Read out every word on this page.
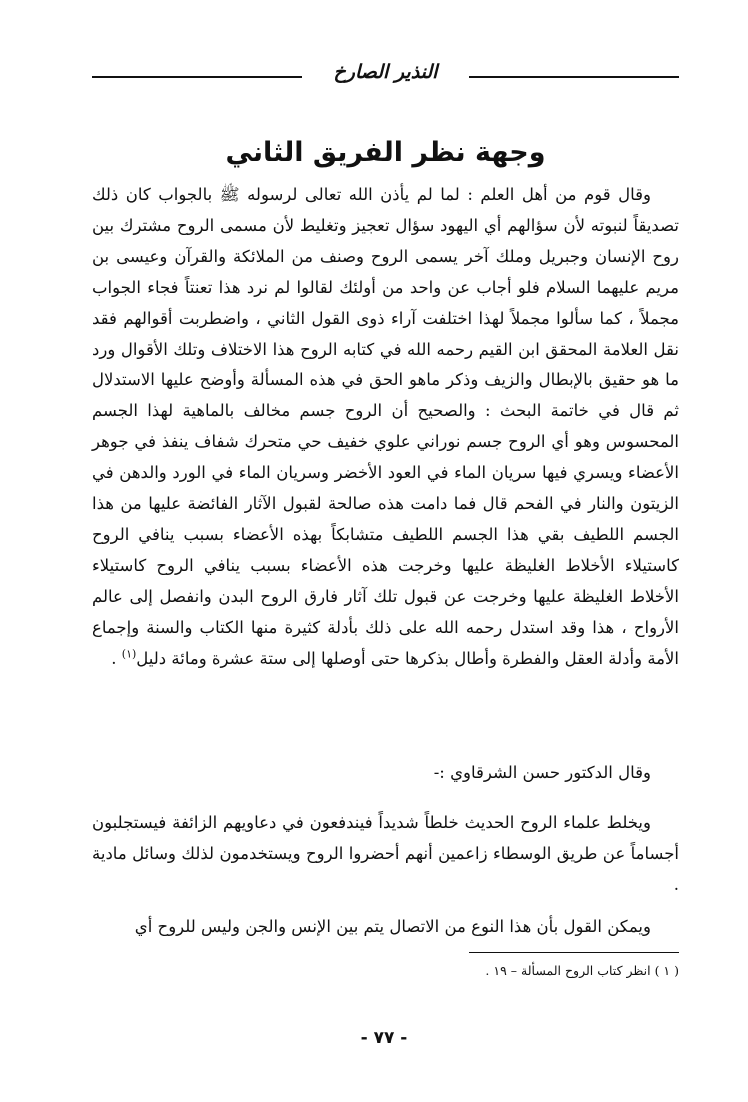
النذير الصارخ
وجهة نظر الفريق الثاني

وقال قوم من أهل العلم : لما لم يأذن الله تعالى لرسوله ﷺ بالجواب كان ذلك تصديقاً لنبوته لأن سؤالهم أي اليهود سؤال تعجيز وتغليط لأن مسمى الروح مشترك بين روح الإنسان وجبريل وملك آخر يسمى الروح وصنف من الملائكة والقرآن وعيسى بن مريم عليهما السلام فلو أجاب عن واحد من أولئك لقالوا لم نرد هذا تعنتاً فجاء الجواب مجملاً ، كما سألوا مجملاً لهذا اختلفت آراء ذوى القول الثاني ، واضطربت أقوالهم فقد نقل العلامة المحقق ابن القيم رحمه الله في كتابه الروح هذا الاختلاف وتلك الأقوال ورد ما هو حقيق بالإبطال والزيف وذكر ماهو الحق في هذه المسألة وأوضح عليها الاستدلال ثم قال في خاتمة البحث : والصحيح أن الروح جسم مخالف بالماهية لهذا الجسم المحسوس وهو أي الروح جسم نوراني علوي خفيف حي متحرك شفاف ينفذ في جوهر الأعضاء ويسري فيها سريان الماء في العود الأخضر وسريان الماء في الورد والدهن في الزيتون والنار في الفحم قال فما دامت هذه صالحة لقبول الآثار الفائضة عليها من هذا الجسم اللطيف بقي هذا الجسم اللطيف متشابكاً بهذه الأعضاء بسبب ينافي الروح كاستيلاء الأخلاط الغليظة عليها وخرجت هذه الأعضاء بسبب ينافي الروح كاستيلاء الأخلاط الغليظة عليها وخرجت عن قبول تلك آثار فارق الروح البدن وانفصل إلى عالم الأرواح ، هذا وقد استدل رحمه الله على ذلك بأدلة كثيرة منها الكتاب والسنة وإجماع الأمة وأدلة العقل والفطرة وأطال بذكرها حتى أوصلها إلى ستة عشرة ومائة دليل$^{(١)}$ .

وقال الدكتور حسن الشرقاوي :-

ويخلط علماء الروح الحديث خلطاً شديداً فيندفعون في دعاويهم الزائفة فيستجلبون أجساماً عن طريق الوسطاء زاعمين أنهم أحضروا الروح ويستخدمون لذلك وسائل مادية .

ويمكن القول بأن هذا النوع من الاتصال يتم بين الإنس والجن وليس للروح أي

( ١ ) انظر كتاب الروح المسألة – ١٩ .
- ٧٧ -
